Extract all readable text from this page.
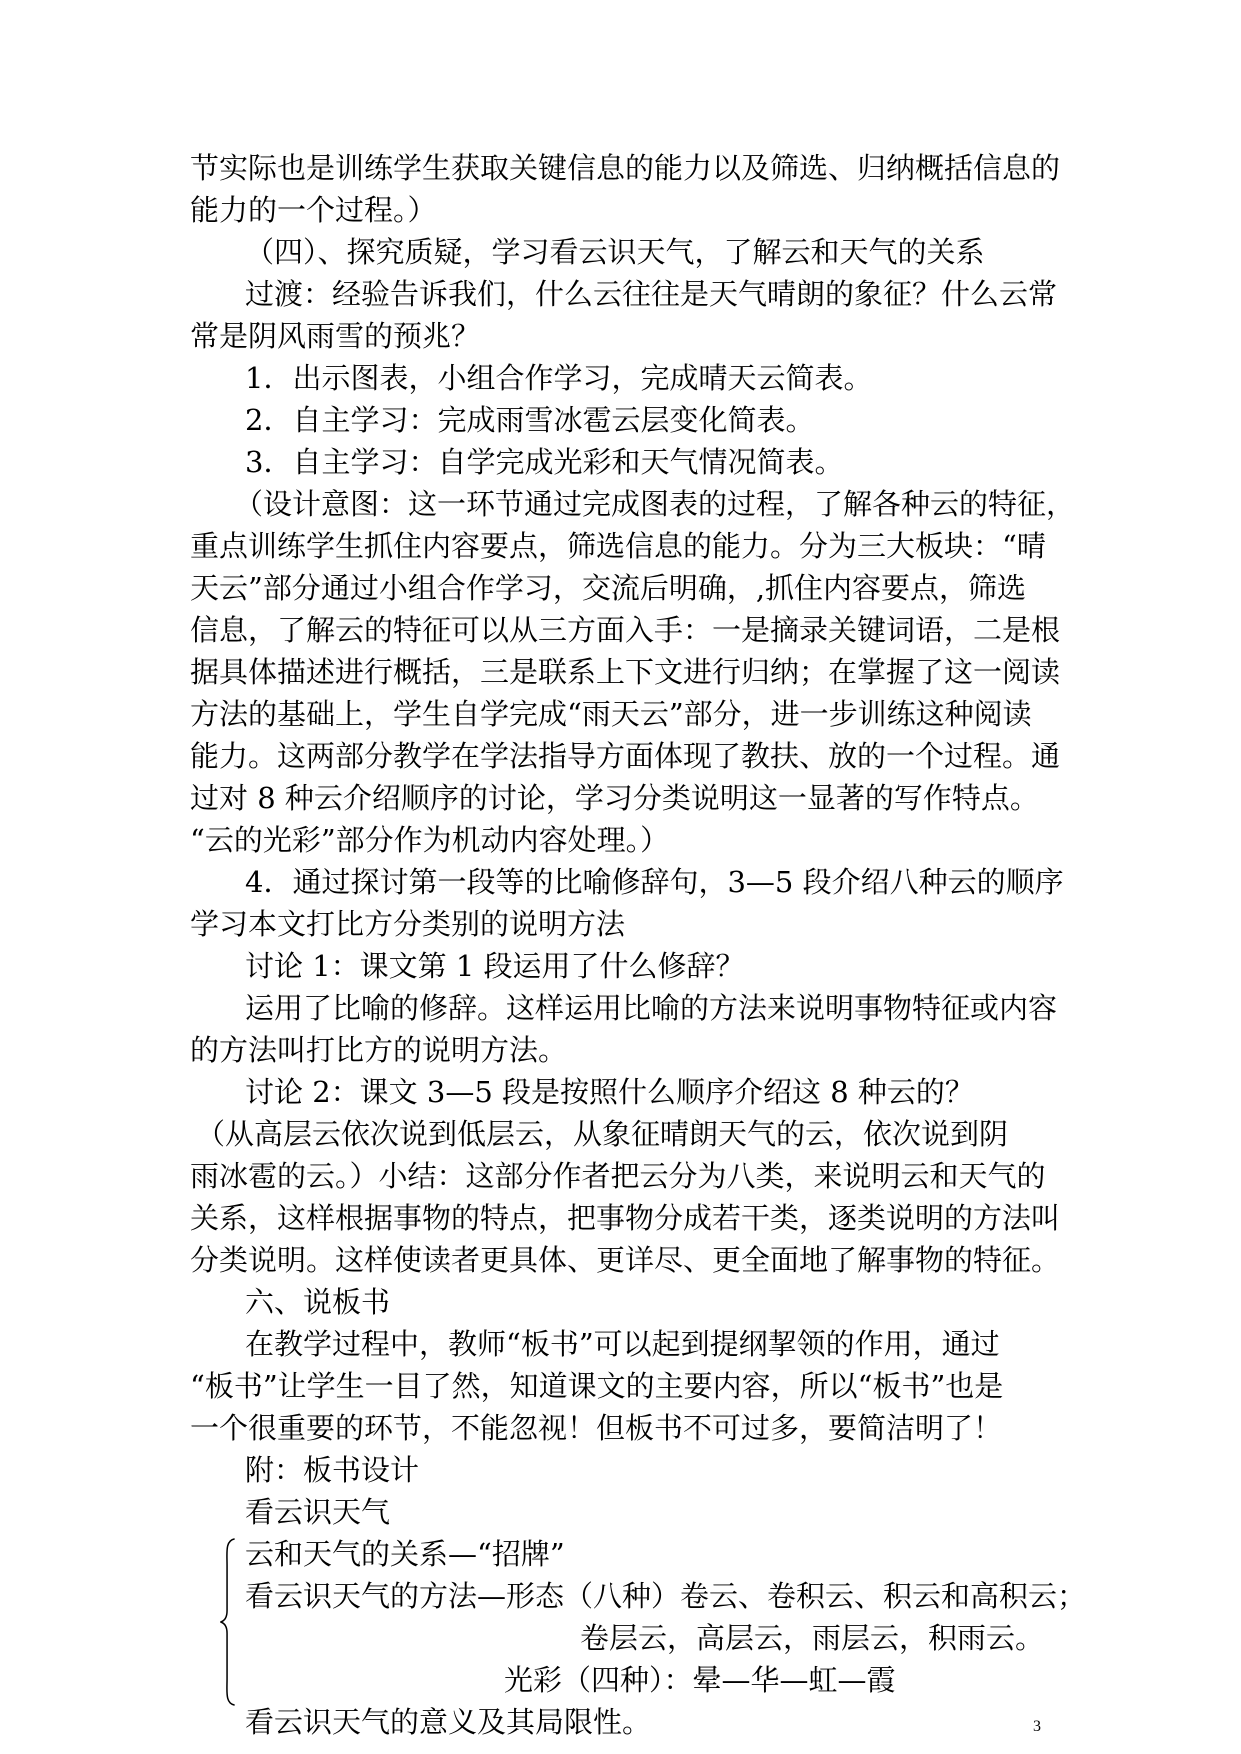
节实际也是训练学生获取关键信息的能力以及筛选、归纳概括信息的
能力的一个过程。）
（四）、探究质疑，学习看云识天气，了解云和天气的关系
过渡：经验告诉我们，什么云往往是天气晴朗的象征？什么云常
常是阴风雨雪的预兆？
1．出示图表，小组合作学习，完成晴天云简表。
2．自主学习：完成雨雪冰雹云层变化简表。
3．自主学习：自学完成光彩和天气情况简表。
（设计意图：这一环节通过完成图表的过程，了解各种云的特征，
重点训练学生抓住内容要点，筛选信息的能力。分为三大板块：“晴
天云”部分通过小组合作学习，交流后明确，,抓住内容要点，筛选
信息，了解云的特征可以从三方面入手：一是摘录关键词语，二是根
据具体描述进行概括，三是联系上下文进行归纳；在掌握了这一阅读
方法的基础上，学生自学完成“雨天云”部分，进一步训练这种阅读
能力。这两部分教学在学法指导方面体现了教扶、放的一个过程。通
过对 8 种云介绍顺序的讨论，学习分类说明这一显著的写作特点。
“云的光彩”部分作为机动内容处理。）
4．通过探讨第一段等的比喻修辞句，3—5 段介绍八种云的顺序
学习本文打比方分类别的说明方法
讨论 1：课文第 1 段运用了什么修辞？
运用了比喻的修辞。这样运用比喻的方法来说明事物特征或内容
的方法叫打比方的说明方法。
讨论 2：课文 3—5 段是按照什么顺序介绍这 8 种云的？
（从高层云依次说到低层云，从象征晴朗天气的云，依次说到阴
雨冰雹的云。）小结：这部分作者把云分为八类，来说明云和天气的
关系，这样根据事物的特点，把事物分成若干类，逐类说明的方法叫
分类说明。这样使读者更具体、更详尽、更全面地了解事物的特征。
六、说板书
在教学过程中，教师“板书”可以起到提纲挈领的作用，通过
“板书”让学生一目了然，知道课文的主要内容，所以“板书”也是
一个很重要的环节，不能忽视！但板书不可过多，要简洁明了！
附：板书设计
看云识天气
云和天气的关系—“招牌”
看云识天气的方法—形态（八种）卷云、卷积云、积云和高积云；
卷层云，高层云，雨层云，积雨云。
光彩（四种）：晕—华—虹—霞
看云识天气的意义及其局限性。	3
